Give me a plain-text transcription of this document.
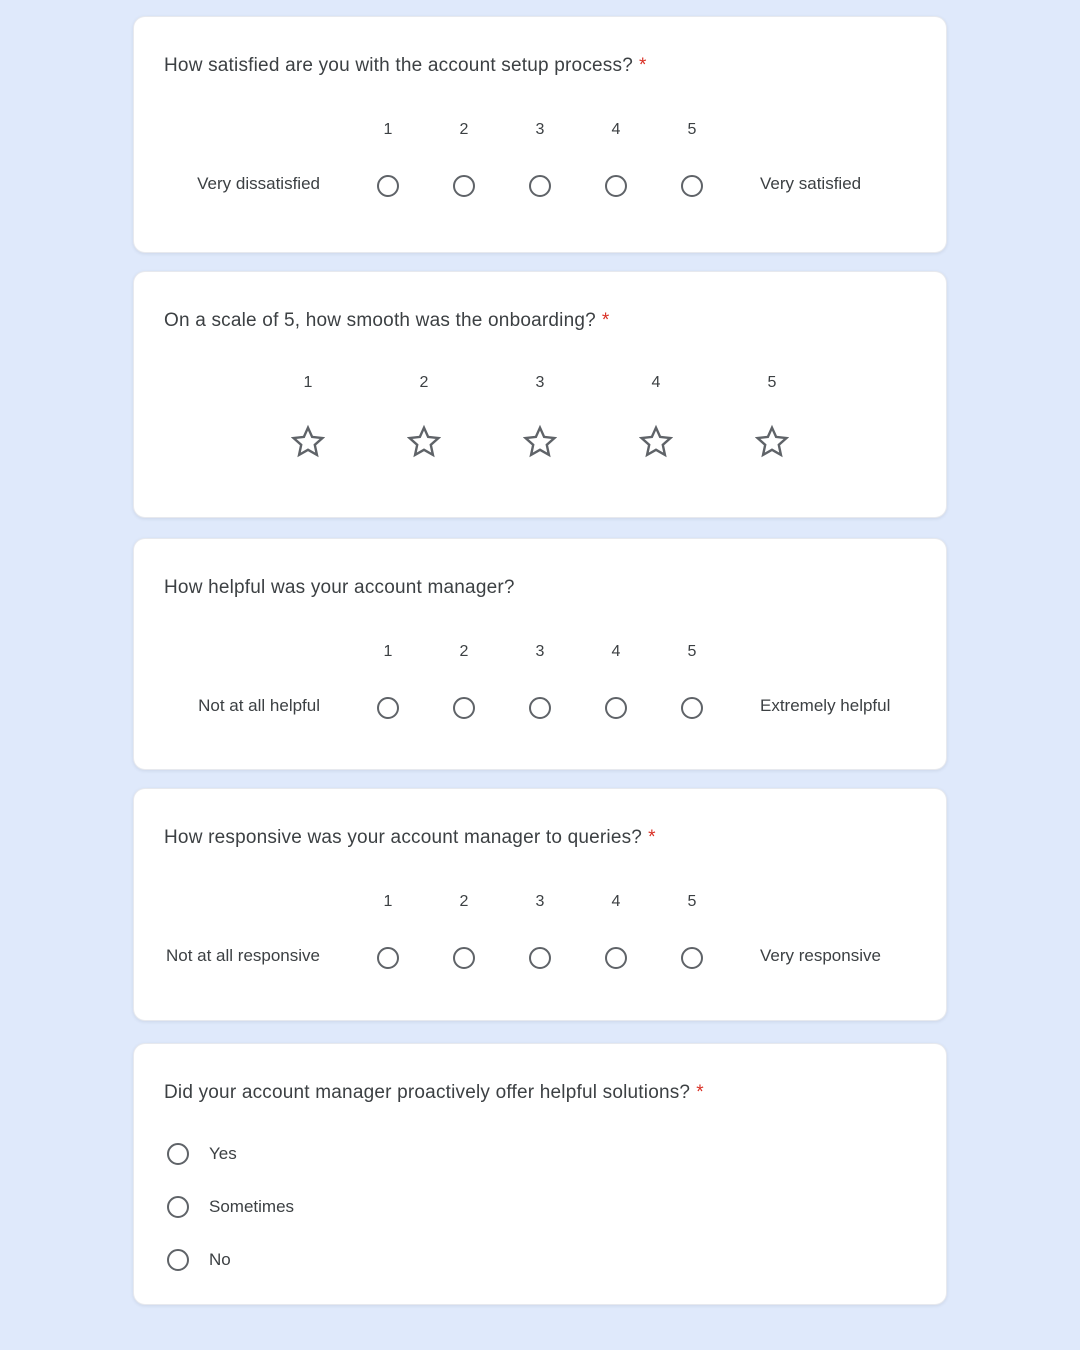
How satisfied are you with the account setup process? *
Very dissatisfied
1	2	3	4	5
Very satisfied
On a scale of 5, how smooth was the onboarding? *
1	2	3	4	5
How helpful was your account manager?
Not at all helpful
1	2	3	4	5
Extremely helpful
How responsive was your account manager to queries? *
Not at all responsive
1	2	3	4	5
Very responsive
Did your account manager proactively offer helpful solutions? *
Yes
Sometimes
No
